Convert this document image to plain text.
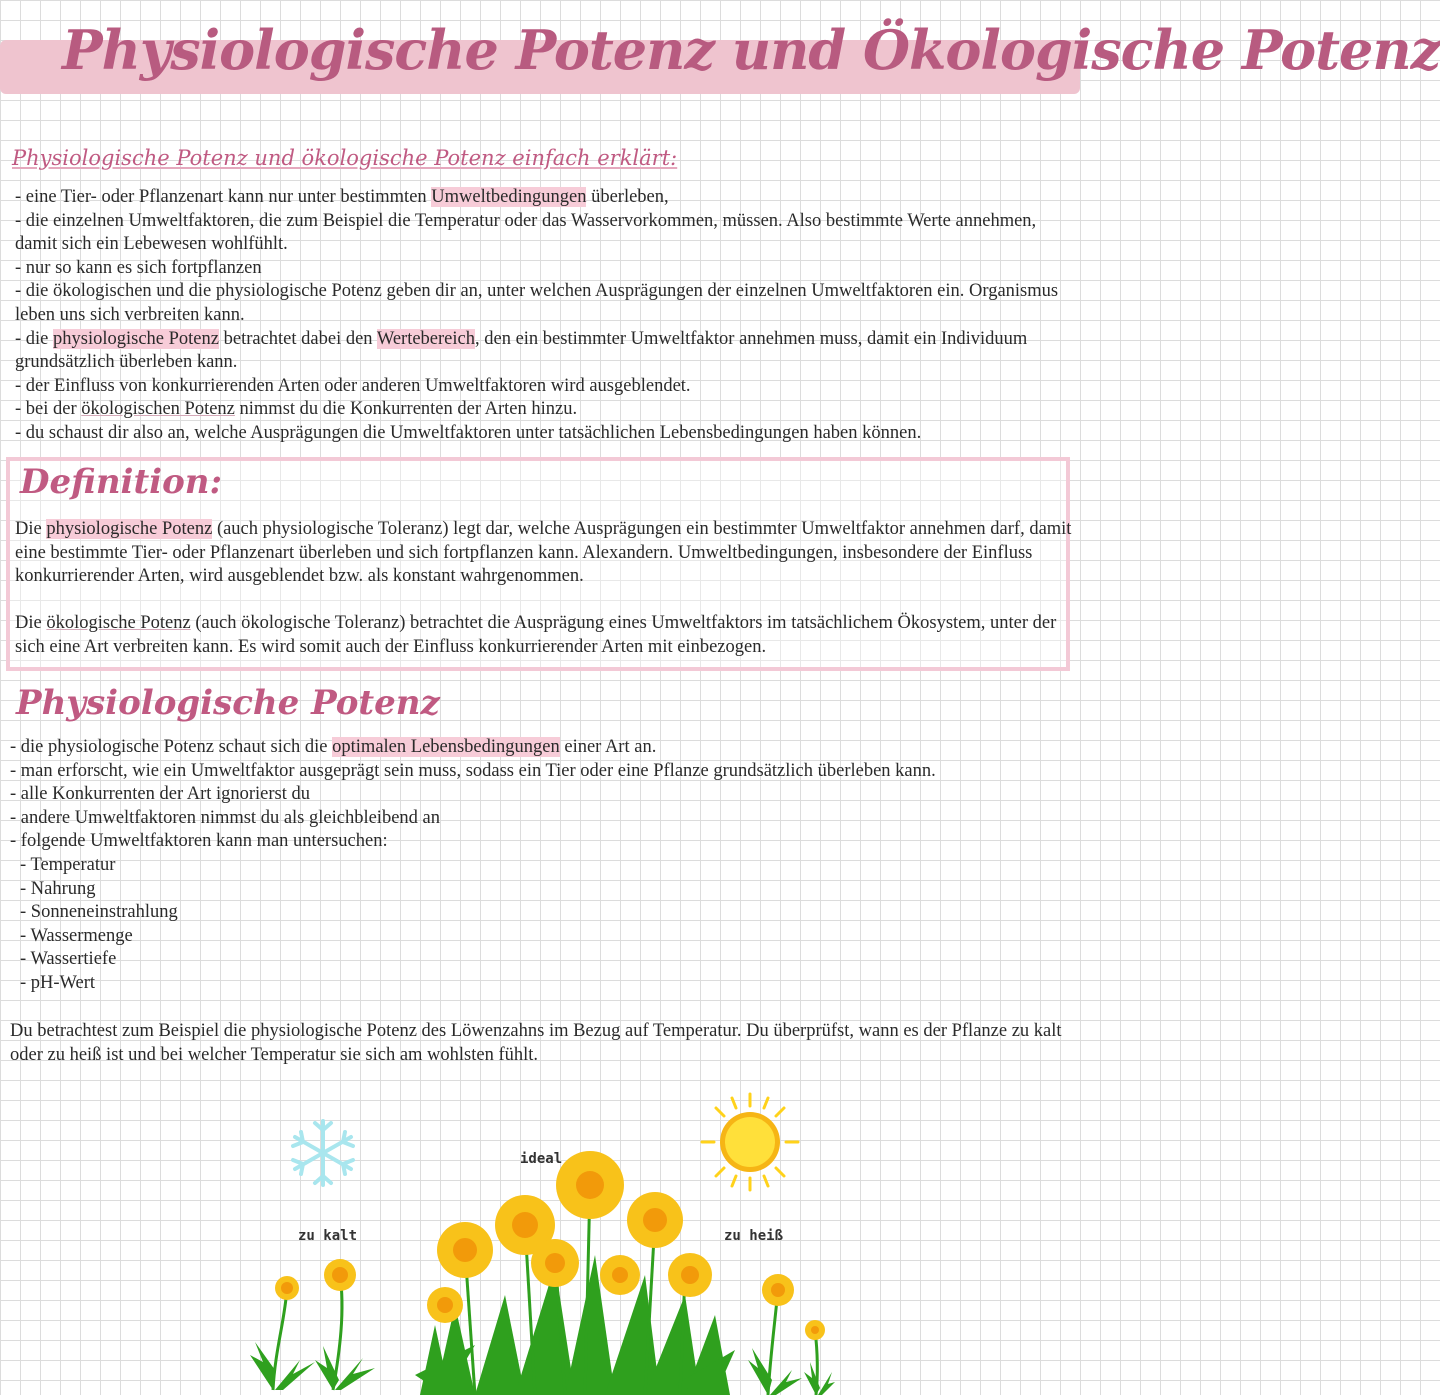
Physiologische Potenz und Ökologische Potenz
Physiologische Potenz und ökologische Potenz einfach erklärt:

- eine Tier- oder Pflanzenart kann nur unter bestimmten Umweltbedingungen überleben,

- die einzelnen Umweltfaktoren, die zum Beispiel die Temperatur oder das Wasservorkommen, müssen. Also bestimmte Werte annehmen, damit sich ein Lebewesen wohlfühlt.

- nur so kann es sich fortpflanzen

- die ökologischen und die physiologische Potenz geben dir an, unter welchen Ausprägungen der einzelnen Umweltfaktoren ein. Organismus leben uns sich verbreiten kann.

- die physiologische Potenz betrachtet dabei den Wertebereich, den ein bestimmter Umweltfaktor annehmen muss, damit ein Individuum grundsätzlich überleben kann.

- der Einfluss von konkurrierenden Arten oder anderen Umweltfaktoren wird ausgeblendet.

- bei der ökologischen Potenz nimmst du die Konkurrenten der Arten hinzu.

- du schaust dir also an, welche Ausprägungen die Umweltfaktoren unter tatsächlichen Lebensbedingungen haben können.

Definition:

Die physiologische Potenz (auch physiologische Toleranz) legt dar, welche Ausprägungen ein bestimmter Umweltfaktor annehmen darf, damit eine bestimmte Tier- oder Pflanzenart überleben und sich fortpflanzen kann. Alexandern. Umweltbedingungen, insbesondere der Einfluss konkurrierender Arten, wird ausgeblendet bzw. als konstant wahrgenommen.

Die ökologische Potenz (auch ökologische Toleranz) betrachtet die Ausprägung eines Umweltfaktors im tatsächlichem Ökosystem, unter der sich eine Art verbreiten kann. Es wird somit auch der Einfluss konkurrierender Arten mit einbezogen.

Physiologische Potenz

- die physiologische Potenz schaut sich die optimalen Lebensbedingungen einer Art an.

- man erforscht, wie ein Umweltfaktor ausgeprägt sein muss, sodass ein Tier oder eine Pflanze grundsätzlich überleben kann.

- alle Konkurrenten der Art ignorierst du

- andere Umweltfaktoren nimmst du als gleichbleibend an

- folgende Umweltfaktoren kann man untersuchen:

- Temperatur

- Nahrung

- Sonneneinstrahlung

- Wassermenge

- Wassertiefe

- pH-Wert

Du betrachtest zum Beispiel die physiologische Potenz des Löwenzahns im Bezug auf Temperatur. Du überprüfst, wann es der Pflanze zu kalt oder zu heiß ist und bei welcher Temperatur sie sich am wohlsten fühlt.
zu kalt
ideal
zu heiß
